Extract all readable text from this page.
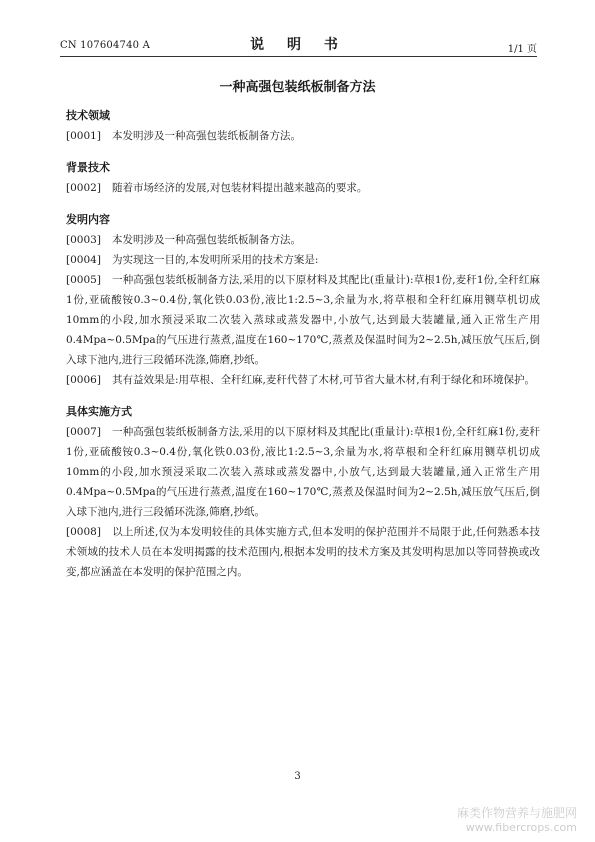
CN 107604740 A	说 明 书	1/1 页
一种高强包装纸板制备方法
技术领域
[0001] 本发明涉及一种高强包装纸板制备方法。
背景技术
[0002] 随着市场经济的发展,对包装材料提出越来越高的要求。
发明内容
[0003] 本发明涉及一种高强包装纸板制备方法。
[0004] 为实现这一目的,本发明所采用的技术方案是:
[0005] 一种高强包装纸板制备方法,采用的以下原材料及其配比(重量计):草根1份,麦秆1份,全秆红麻1份,亚硫酸铵0.3~0.4份,氧化铁0.03份,液比1:2.5~3,余量为水,将草根和全秆红麻用铡草机切成10mm的小段,加水预浸采取二次装入蒸球或蒸发器中,小放气,达到最大装罐量,通入正常生产用0.4Mpa~0.5Mpa的气压进行蒸煮,温度在160~170℃,蒸煮及保温时间为2~2.5h,减压放气压后,倒入球下池内,进行三段循环洗涤,筛磨,抄纸。
[0006] 其有益效果是:用草根、全秆红麻,麦秆代替了木材,可节省大量木材,有利于绿化和环境保护。
具体实施方式
[0007] 一种高强包装纸板制备方法,采用的以下原材料及其配比(重量计):草根1份,全秆红麻1份,麦秆1份,亚硫酸铵0.3~0.4份,氧化铁0.03份,液比1:2.5~3,余量为水,将草根和全秆红麻用铡草机切成10mm的小段,加水预浸采取二次装入蒸球或蒸发器中,小放气,达到最大装罐量,通入正常生产用0.4Mpa~0.5Mpa的气压进行蒸煮,温度在160~170℃,蒸煮及保温时间为2~2.5h,减压放气压后,倒入球下池内,进行三段循环洗涤,筛磨,抄纸。
[0008] 以上所述,仅为本发明较佳的具体实施方式,但本发明的保护范围并不局限于此,任何熟悉本技术领域的技术人员在本发明揭露的技术范围内,根据本发明的技术方案及其发明构思加以等同替换或改变,都应涵盖在本发明的保护范围之内。
3
麻类作物营养与施肥网
www.fibercrops.com
